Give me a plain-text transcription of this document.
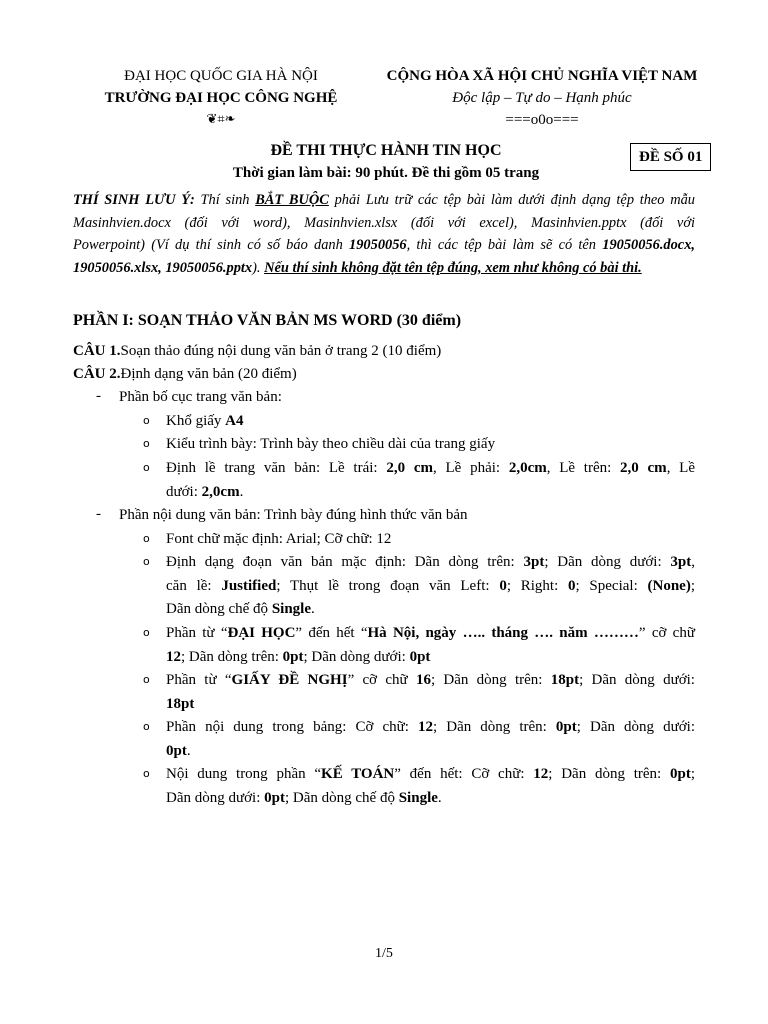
ĐẠI HỌC QUỐC GIA HÀ NỘI
TRƯỜNG ĐẠI HỌC CÔNG NGHỆ
❦⌗❧
CỘNG HÒA XÃ HỘI CHỦ NGHĨA VIỆT NAM
Độc lập – Tự do – Hạnh phúc
===o0o===
ĐỀ THI THỰC HÀNH TIN HỌC
Thời gian làm bài: 90 phút. Đề thi gồm 05 trang
ĐỀ SỐ 01
THÍ SINH LƯU Ý: Thí sinh BẮT BUỘC phải Lưu trữ các tệp bài làm dưới định dạng tệp theo mẫu
Masinhvien.docx (đối với word), Masinhvien.xlsx (đối với excel), Masinhvien.pptx (đối với
Powerpoint) (Ví dụ thí sinh có số báo danh 19050056, thì các tệp bài làm sẽ có tên 19050056.docx,
19050056.xlsx, 19050056.pptx). Nếu thí sinh không đặt tên tệp đúng, xem như không có bài thi.
PHẦN I: SOẠN THẢO VĂN BẢN MS WORD (30 điểm)
CÂU 1.Soạn thảo đúng nội dung văn bản ở trang 2 (10 điểm)
CÂU 2.Định dạng văn bản (20 điểm)
- Phần bố cục trang văn bản:
o Khổ giấy A4
o Kiểu trình bày: Trình bày theo chiều dài của trang giấy
o Định lề trang văn bản: Lề trái: 2,0 cm, Lề phải: 2,0cm, Lề trên: 2,0 cm, Lề
dưới: 2,0cm.
- Phần nội dung văn bản: Trình bày đúng hình thức văn bản
o Font chữ mặc định: Arial; Cỡ chữ: 12
o Định dạng đoạn văn bản mặc định: Dãn dòng trên: 3pt; Dãn dòng dưới: 3pt,
căn lề: Justified; Thụt lề trong đoạn văn Left: 0; Right: 0; Special: (None);
Dãn dòng chế độ Single.
o Phần từ “ĐẠI HỌC” đến hết “Hà Nội, ngày ….. tháng …. năm ………” cỡ chữ
12; Dãn dòng trên: 0pt; Dãn dòng dưới: 0pt
o Phần từ “GIẤY ĐỀ NGHỊ” cỡ chữ 16; Dãn dòng trên: 18pt; Dãn dòng dưới:
18pt
o Phần nội dung trong bảng: Cỡ chữ: 12; Dãn dòng trên: 0pt; Dãn dòng dưới:
0pt.
o Nội dung trong phần “KẾ TOÁN” đến hết: Cỡ chữ: 12; Dãn dòng trên: 0pt;
Dãn dòng dưới: 0pt; Dãn dòng chế độ Single.
1/5
